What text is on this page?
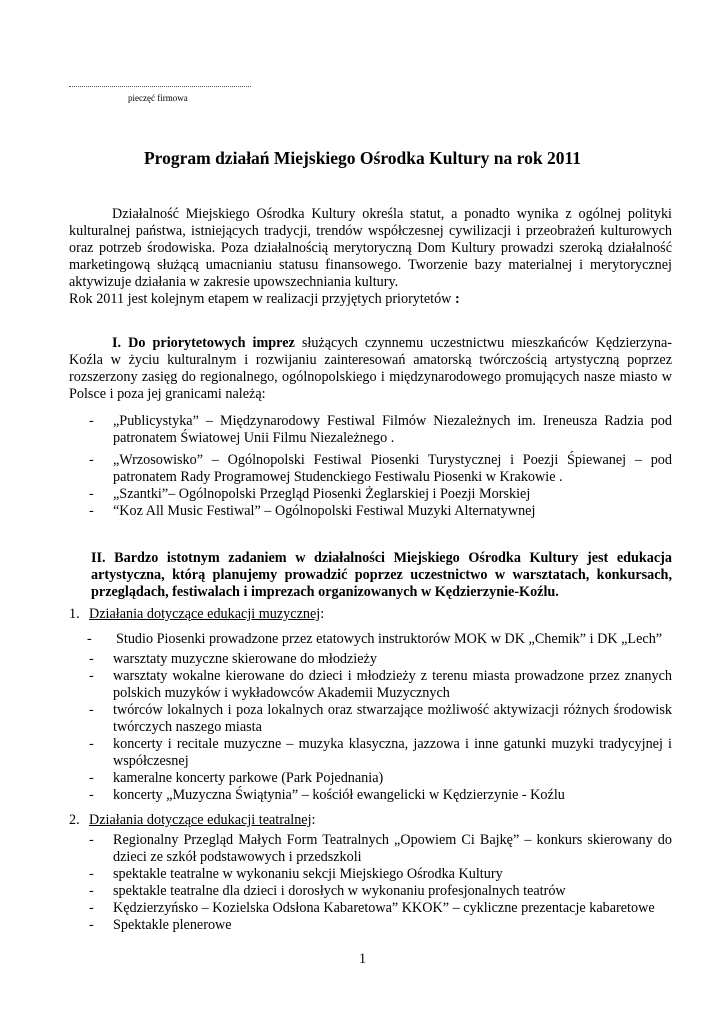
pieczęć firmowa
Program działań Miejskiego Ośrodka Kultury na rok 2011
Działalność Miejskiego Ośrodka Kultury określa statut, a ponadto wynika z ogólnej polityki kulturalnej państwa, istniejących tradycji, trendów współczesnej cywilizacji i przeobrażeń kulturowych oraz potrzeb środowiska. Poza działalnością merytoryczną Dom Kultury prowadzi szeroką działalność marketingową służącą umacnianiu statusu finansowego. Tworzenie bazy materialnej i merytorycznej aktywizuje działania w zakresie upowszechniania kultury.
Rok 2011 jest kolejnym etapem w realizacji przyjętych priorytetów :
I. Do priorytetowych imprez służących czynnemu uczestnictwu mieszkańców Kędzierzyna-Koźla w życiu kulturalnym i rozwijaniu zainteresowań amatorską twórczością artystyczną poprzez rozszerzony zasięg do regionalnego, ogólnopolskiego i międzynarodowego promujących nasze miasto w Polsce i poza jej granicami należą:
- „Publicystyka” – Międzynarodowy Festiwal Filmów Niezależnych im. Ireneusza Radzia pod patronatem Światowej Unii Filmu Niezależnego .
- „Wrzosowisko” – Ogólnopolski Festiwal Piosenki Turystycznej i Poezji Śpiewanej – pod patronatem Rady Programowej Studenckiego Festiwalu Piosenki w Krakowie .
- „Szantki”– Ogólnopolski Przegląd Piosenki Żeglarskiej i Poezji Morskiej
- “Koz All Music Festiwal” – Ogólnopolski Festiwal Muzyki Alternatywnej
II. Bardzo istotnym zadaniem w działalności Miejskiego Ośrodka Kultury jest edukacja artystyczna, którą planujemy prowadzić poprzez uczestnictwo w warsztatach, konkursach, przeglądach, festiwalach i imprezach organizowanych w Kędzierzynie-Koźlu.
1. Działania dotyczące edukacji muzycznej:
- Studio Piosenki prowadzone przez etatowych instruktorów MOK w DK „Chemik” i DK „Lech”
- warsztaty muzyczne skierowane do młodzieży
- warsztaty wokalne kierowane do dzieci i młodzieży z terenu miasta prowadzone przez znanych polskich muzyków i wykładowców Akademii Muzycznych
- twórców lokalnych i poza lokalnych oraz stwarzające możliwość aktywizacji różnych środowisk twórczych naszego miasta
- koncerty i recitale muzyczne – muzyka klasyczna, jazzowa i inne gatunki muzyki tradycyjnej i współczesnej
- kameralne koncerty parkowe (Park Pojednania)
- koncerty „Muzyczna Świątynia” – kościół ewangelicki w Kędzierzynie - Koźlu
2. Działania dotyczące edukacji teatralnej:
- Regionalny Przegląd Małych Form Teatralnych „Opowiem Ci Bajkę” – konkurs skierowany do dzieci ze szkół podstawowych i przedszkoli
- spektakle teatralne w wykonaniu sekcji Miejskiego Ośrodka Kultury
- spektakle teatralne dla dzieci i dorosłych w wykonaniu profesjonalnych teatrów
- Kędzierzyńsko – Kozielska Odsłona Kabaretowa” KKOK” – cykliczne prezentacje kabaretowe
- Spektakle plenerowe
1
